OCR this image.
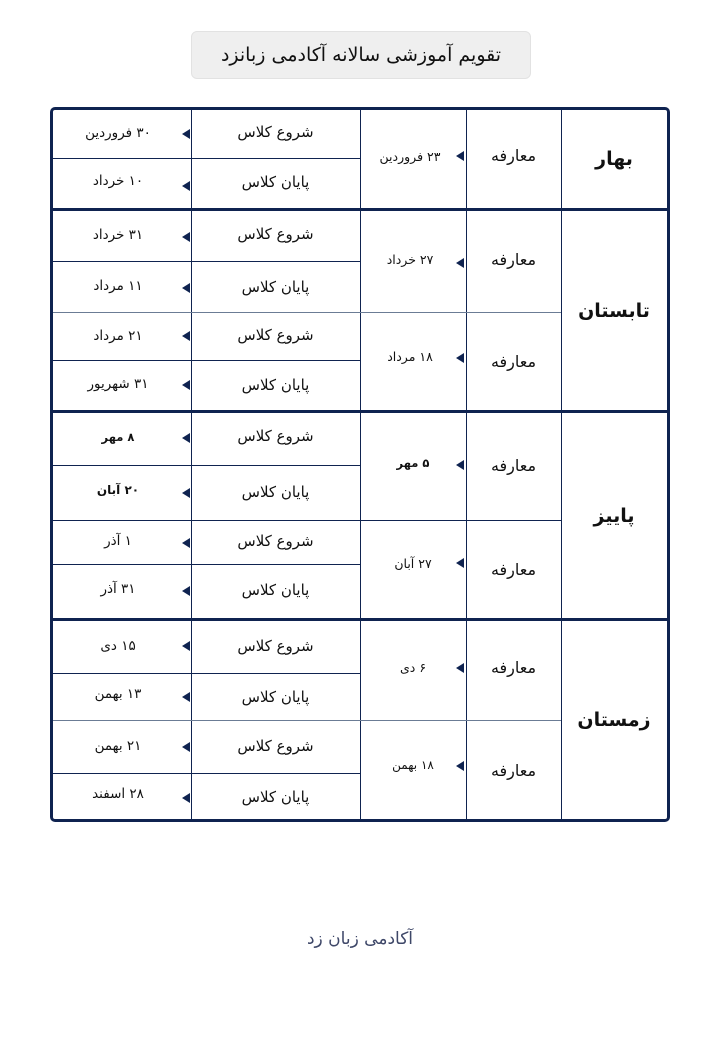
تقویم آموزشی سالانه آکادمی زبانزد
بهار
معارفه
۲۳ فروردین
شروع کلاس
۳۰ فروردین
پایان کلاس
۱۰ خرداد
تابستان
معارفه
۲۷ خرداد
شروع کلاس
۳۱ خرداد
پایان کلاس
۱۱ مرداد
معارفه
۱۸ مرداد
شروع کلاس
۲۱ مرداد
پایان کلاس
۳۱ شهریور
پاییز
معارفه
۵ مهر
شروع کلاس
۸ مهر
پایان کلاس
۲۰ آبان
معارفه
۲۷ آبان
شروع کلاس
۱ آذر
پایان کلاس
۳۱ آذر
زمستان
معارفه
۶ دی
شروع کلاس
۱۵ دی
پایان کلاس
۱۳ بهمن
معارفه
۱۸ بهمن
شروع کلاس
۲۱ بهمن
پایان کلاس
۲۸ اسفند
آکادمی زبان زد
